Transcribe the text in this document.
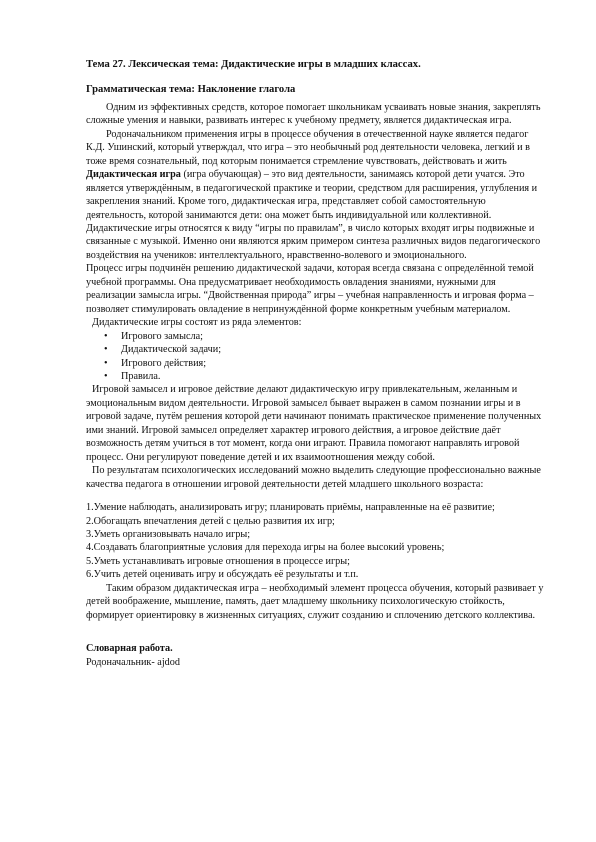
Тема 27. Лексическая тема: Дидактические игры в младших классах.

Грамматическая тема: Наклонение глагола

Одним из эффективных средств, которое помогает школьникам усваивать новые знания, закреплять сложные умения и навыки, развивать интерес к учебному предмету, является дидактическая игра.

Родоначальником применения игры в процессе обучения в отечественной науке является педагог К.Д. Ушинский, который утверждал, что игра – это необычный род деятельности человека, легкий и в тоже время сознательный, под которым понимается стремление чувствовать, действовать и жить

Дидактическая игра (игра обучающая) – это вид деятельности, занимаясь которой дети учатся. Это является утверждённым, в педагогической практике и теории, средством для расширения, углубления и закрепления знаний. Кроме того, дидактическая игра, представляет собой самостоятельную деятельность, которой занимаются дети: она может быть индивидуальной или коллективной. Дидактические игры относятся к виду “игры по правилам”, в число которых входят игры подвижные и связанные с музыкой. Именно они являются ярким примером синтеза различных видов педагогического воздействия на учеников: интеллектуального, нравственно-волевого и эмоционального.

Процесс игры подчинён решению дидактической задачи, которая всегда связана с определённой темой учебной программы. Она предусматривает необходимость овладения знаниями, нужными для реализации замысла игры. “Двойственная природа” игры – учебная направленность и игровая форма – позволяет стимулировать овладение в непринуждённой форме конкретным учебным материалом.

Дидактические игры состоят из ряда элементов:

• Игрового замысла;
• Дидактической задачи;
• Игрового действия;
• Правила.

Игровой замысел и игровое действие делают дидактическую игру привлекательным, желанным и эмоциональным видом деятельности. Игровой замысел бывает выражен в самом познании игры и в игровой задаче, путём решения которой дети начинают понимать практическое применение полученных ими знаний. Игровой замысел определяет характер игрового действия, а игровое действие даёт возможность детям учиться в тот момент, когда они играют. Правила помогают направлять игровой процесс. Они регулируют поведение детей и их взаимоотношения между собой.

По результатам психологических исследований можно выделить следующие профессионально важные качества педагога в отношении игровой деятельности детей младшего школьного возраста:

1.Умение наблюдать, анализировать игру; планировать приёмы, направленные на её развитие;

2.Обогащать впечатления детей с целью развития их игр;

3.Уметь организовывать начало игры;

4.Создавать благоприятные условия для перехода игры на более высокий уровень;

5.Уметь устанавливать игровые отношения в процессе игры;

6.Учить детей оценивать игру и обсуждать её результаты и т.п.

Таким образом дидактическая игра – необходимый элемент процесса обучения, который развивает у детей воображение, мышление, память, дает младшему школьнику психологическую стойкость, формирует ориентировку в жизненных ситуациях, служит созданию и сплочению детского коллектива.

Словарная работа.

Родоначальник- ajdod
